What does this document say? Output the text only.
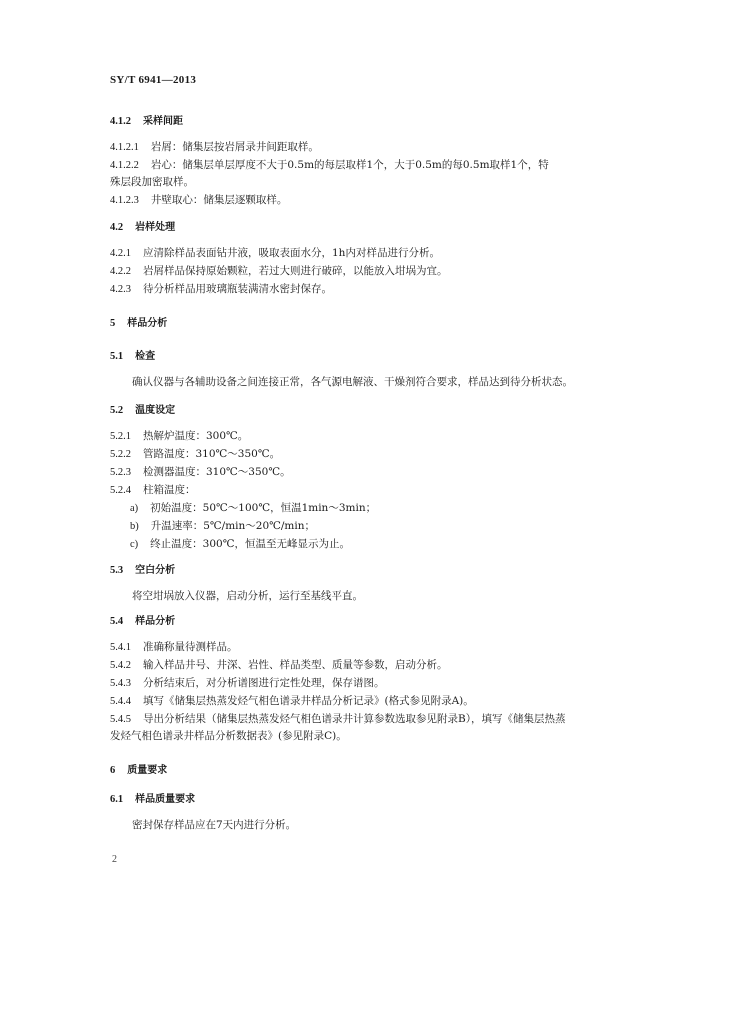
SY/T 6941—2013
4.1.2 采样间距
4.1.2.1 岩屑：储集层按岩屑录井间距取样。
4.1.2.2 岩心：储集层单层厚度不大于0.5m的每层取样1个，大于0.5m的每0.5m取样1个，特
殊层段加密取样。
4.1.2.3 井壁取心：储集层逐颗取样。
4.2 岩样处理
4.2.1 应清除样品表面钻井液，吸取表面水分，1h内对样品进行分析。
4.2.2 岩屑样品保持原始颗粒，若过大则进行破碎，以能放入坩埚为宜。
4.2.3 待分析样品用玻璃瓶装满清水密封保存。
5 样品分析
5.1 检查
确认仪器与各辅助设备之间连接正常，各气源电解液、干燥剂符合要求，样品达到待分析状态。
5.2 温度设定
5.2.1 热解炉温度：300℃。
5.2.2 管路温度：310℃～350℃。
5.2.3 检测器温度：310℃～350℃。
5.2.4 柱箱温度：
a) 初始温度：50℃～100℃，恒温1min～3min；
b) 升温速率：5℃/min～20℃/min；
c) 终止温度：300℃，恒温至无峰显示为止。
5.3 空白分析
将空坩埚放入仪器，启动分析，运行至基线平直。
5.4 样品分析
5.4.1 准确称量待测样品。
5.4.2 输入样品井号、井深、岩性、样品类型、质量等参数，启动分析。
5.4.3 分析结束后，对分析谱图进行定性处理，保存谱图。
5.4.4 填写《储集层热蒸发烃气相色谱录井样品分析记录》(格式参见附录A)。
5.4.5 导出分析结果（储集层热蒸发烃气相色谱录井计算参数选取参见附录B），填写《储集层热蒸
发烃气相色谱录井样品分析数据表》(参见附录C)。
6 质量要求
6.1 样品质量要求
密封保存样品应在7天内进行分析。
2
